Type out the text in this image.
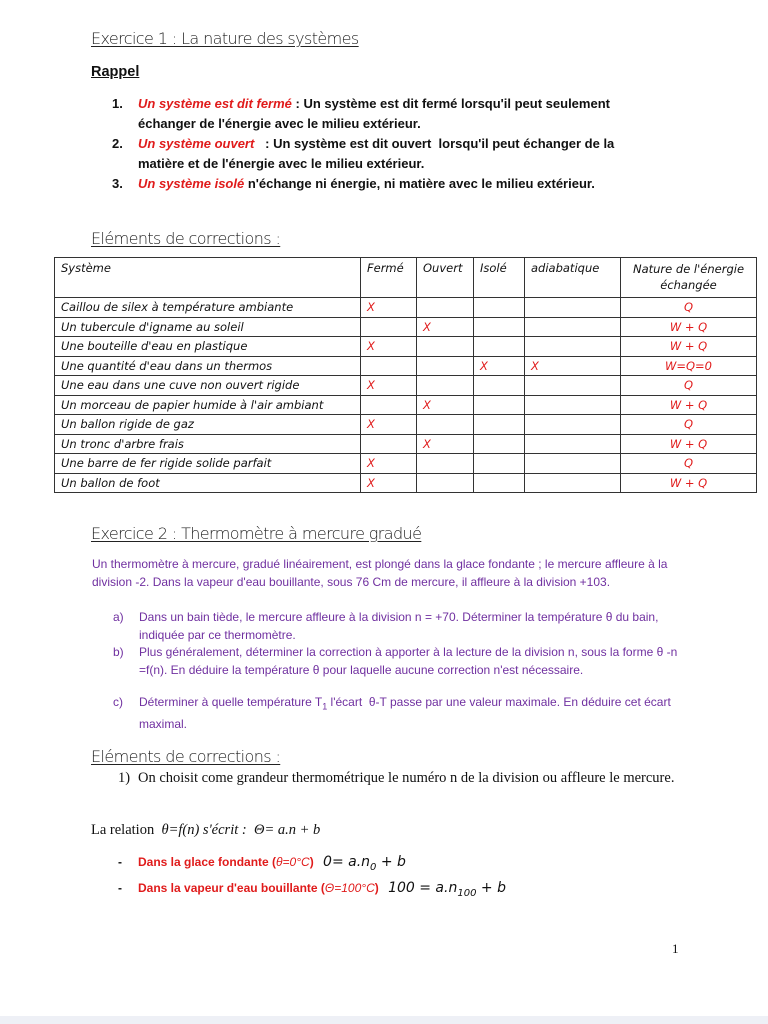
Exercice 1 : La nature des systèmes
Rappel
1. Un système est dit fermé : Un système est dit fermé lorsqu'il peut seulement échanger de l'énergie avec le milieu extérieur.
2. Un système ouvert   : Un système est dit ouvert  lorsqu'il peut échanger de la matière et de l'énergie avec le milieu extérieur.
3. Un système isolé n'échange ni énergie, ni matière avec le milieu extérieur.
Eléments de corrections :
Système	Fermé	Ouvert	Isolé	adiabatique	Nature de l'énergie échangée
Caillou de silex à température ambiante	X				Q
Un tubercule d'igname au soleil		X			W + Q
Une bouteille d'eau en plastique	X				W + Q
Une quantité d'eau dans un thermos			X	X	W=Q=0
Une eau dans une cuve non ouvert rigide	X				Q
Un morceau de papier humide à l'air ambiant		X			W + Q
Un ballon rigide de gaz	X				Q
Un tronc d'arbre frais		X			W + Q
Une barre de fer rigide solide parfait	X				Q
Un ballon de foot	X				W + Q
Exercice 2 : Thermomètre à mercure gradué
Un thermomètre à mercure, gradué linéairement, est plongé dans la glace fondante ; le mercure affleure à la division -2. Dans la vapeur d'eau bouillante, sous 76 Cm de mercure, il affleure à la division +103.
a) Dans un bain tiède, le mercure affleure à la division n = +70. Déterminer la température θ du bain, indiquée par ce thermomètre.
b) Plus généralement, déterminer la correction à apporter à la lecture de la division n, sous la forme θ -n =f(n). En déduire la température θ pour laquelle aucune correction n'est nécessaire.
c) Déterminer à quelle température $T_1$ l'écart  θ-T passe par une valeur maximale. En déduire cet écart maximal.
Eléments de corrections :
1) On choisit come grandeur thermométrique le numéro n de la division ou affleure le mercure.
La relation  θ=f(n) s'écrit : Θ= a.n + b
- Dans la glace fondante (θ=0°C) $0= a.n_0 + b$
- Dans la vapeur d'eau bouillante (Θ=100°C) $100 = a.n_{100} + b$
1
